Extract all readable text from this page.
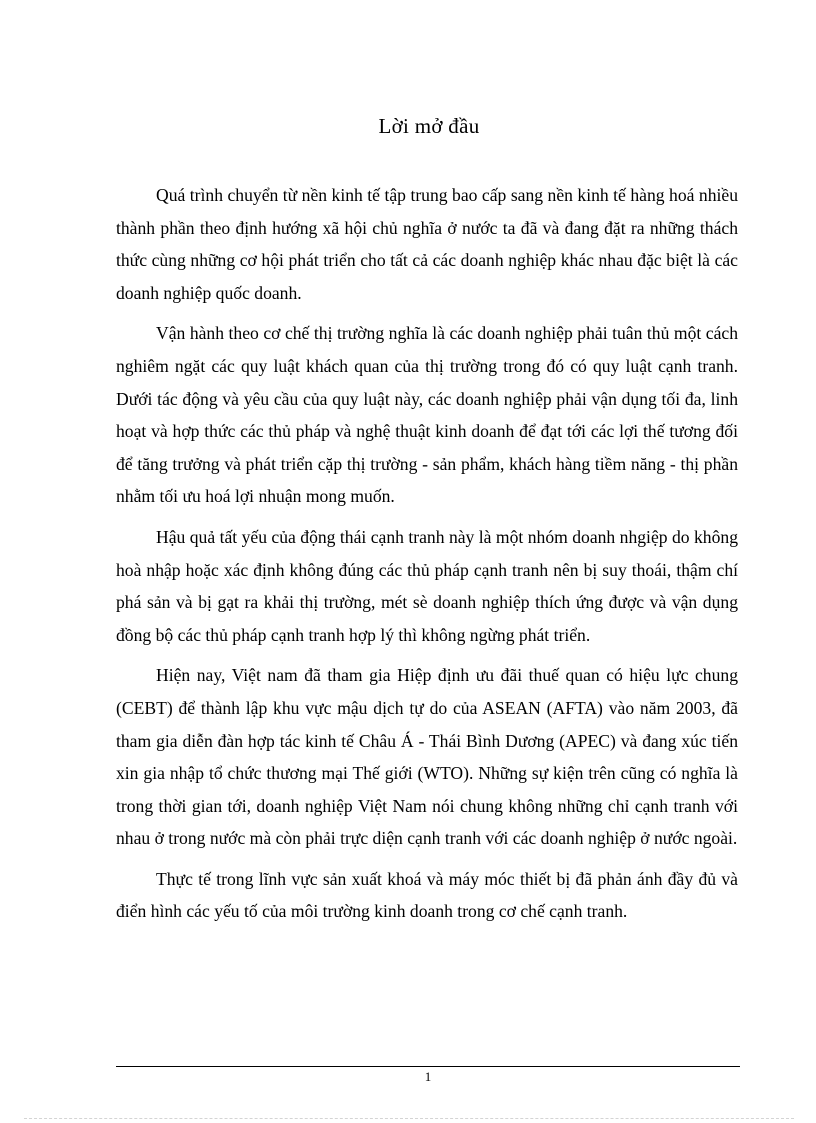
Lời mở đầu

Quá trình chuyển từ nền kinh tế tập trung bao cấp sang nền kinh tế hàng hoá nhiều thành phần theo định hướng xã hội chủ nghĩa ở nước ta đã và đang đặt ra những thách thức cùng những cơ hội phát triển cho tất cả các doanh nghiệp khác nhau đặc biệt là các doanh nghiệp quốc doanh.

Vận hành theo cơ chế thị trường nghĩa là các doanh nghiệp phải tuân thủ một cách nghiêm ngặt các quy luật khách quan của thị trường trong đó có quy luật cạnh tranh. Dưới tác động và yêu cầu của quy luật này, các doanh nghiệp phải vận dụng tối đa, linh hoạt và hợp thức các thủ pháp và nghệ thuật kinh doanh để đạt tới các lợi thế tương đối để tăng trưởng và phát triển cặp thị trường - sản phẩm, khách hàng tiềm năng - thị phần nhằm tối ưu hoá lợi nhuận mong muốn.

Hậu quả tất yếu của động thái cạnh tranh này là một nhóm doanh nhgiệp do không hoà nhập hoặc xác định không đúng các thủ pháp cạnh tranh nên bị suy thoái, thậm chí phá sản và bị gạt ra khải thị trường, mét sè doanh nghiệp thích ứng được và vận dụng đồng bộ các thủ pháp cạnh tranh hợp lý thì không ngừng phát triển.

Hiện nay, Việt nam đã tham gia Hiệp định ưu đãi thuế quan có hiệu lực chung (CEBT) để thành lập khu vực mậu dịch tự do của ASEAN (AFTA) vào năm 2003, đã tham gia diễn đàn hợp tác kinh tế Châu Á - Thái Bình Dương (APEC) và đang xúc tiến xin gia nhập tổ chức thương mại Thế giới (WTO). Những sự kiện trên cũng có nghĩa là trong thời gian tới, doanh nghiệp Việt Nam nói chung không những chỉ cạnh tranh với nhau ở trong nước mà còn phải trực diện cạnh tranh với các doanh nghiệp ở nước ngoài.

Thực tế trong lĩnh vực sản xuất khoá và máy móc thiết bị đã phản ánh đầy đủ và điển hình các yếu tố của môi trường kinh doanh trong cơ chế cạnh tranh.

1
